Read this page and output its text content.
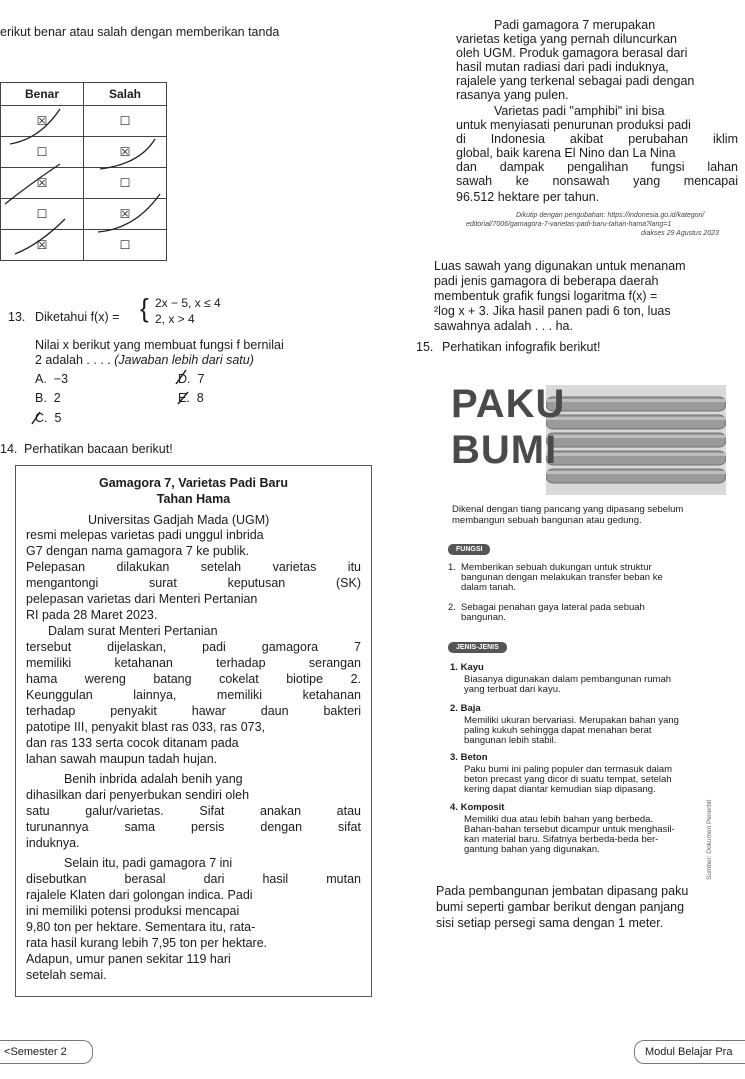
erikut benar atau salah dengan memberikan tanda
Benar	Salah
☒	☐
☐	☒
☒	☐
☐	☒
☒	☐
13. Diketahui f(x) = { 2x − 5, x ≤ 4
2, x > 4
Nilai x berikut yang membuat fungsi f bernilai
2 adalah . . . . (Jawaban lebih dari satu)
A. −3
B. 2
C. 5
D. 7
E. 8
14. Perhatikan bacaan berikut!
Gamagora 7, Varietas Padi Baru
Tahan Hama
Universitas Gadjah Mada (UGM)
resmi melepas varietas padi unggul inbrida
G7 dengan nama gamagora 7 ke publik.
Pelepasan dilakukan setelah varietas itu
mengantongi surat keputusan (SK)
pelepasan varietas dari Menteri Pertanian
RI pada 28 Maret 2023.
Dalam surat Menteri Pertanian
tersebut dijelaskan, padi gamagora 7
memiliki ketahanan terhadap serangan
hama wereng batang cokelat biotipe 2.
Keunggulan lainnya, memiliki ketahanan
terhadap penyakit hawar daun bakteri
patotipe III, penyakit blast ras 033, ras 073,
dan ras 133 serta cocok ditanam pada
lahan sawah maupun tadah hujan.
Benih inbrida adalah benih yang
dihasilkan dari penyerbukan sendiri oleh
satu galur/varietas. Sifat anakan atau
turunannya sama persis dengan sifat
induknya.
Selain itu, padi gamagora 7 ini
disebutkan berasal dari hasil mutan
rajalele Klaten dari golongan indica. Padi
ini memiliki potensi produksi mencapai
9,80 ton per hektare. Sementara itu, rata-
rata hasil kurang lebih 7,95 ton per hektare.
Adapun, umur panen sekitar 119 hari
setelah semai.
<Semester 2
Padi gamagora 7 merupakan
varietas ketiga yang pernah diluncurkan
oleh UGM. Produk gamagora berasal dari
hasil mutan radiasi dari padi induknya,
rajalele yang terkenal sebagai padi dengan
rasanya yang pulen.
Varietas padi "amphibi" ini bisa
untuk menyiasati penurunan produksi padi
di Indonesia akibat perubahan iklim
global, baik karena El Nino dan La Nina
dan dampak pengalihan fungsi lahan
sawah ke nonsawah yang mencapai
96.512 hektare per tahun.
Dikutip dengan pengubahan: https://indonesia.go.id/kategori/
editorial/7006/gamagora-7-varietas-padi-baru-tahan-hama?lang=1
diakses 29 Agustus 2023
Luas sawah yang digunakan untuk menanam
padi jenis gamagora di beberapa daerah
membentuk grafik fungsi logaritma f(x) =
²log x + 3. Jika hasil panen padi 6 ton, luas
sawahnya adalah . . . ha.
15. Perhatikan infografik berikut!
PAKU
BUMI
Dikenal dengan tiang pancang yang dipasang sebelum
membangun sebuah bangunan atau gedung.
FUNGSI
1. Memberikan sebuah dukungan untuk struktur
bangunan dengan melakukan transfer beban ke
dalam tanah.
2. Sebagai penahan gaya lateral pada sebuah
bangunan.
JENIS-JENIS
1. Kayu
Biasanya digunakan dalam pembangunan rumah
yang terbuat dari kayu.
2. Baja
Memiliki ukuran bervariasi. Merupakan bahan yang
paling kukuh sehingga dapat menahan berat
bangunan lebih stabil.
3. Beton
Paku bumi ini paling populer dan termasuk dalam
beton precast yang dicor di suatu tempat, setelah
kering dapat diantar kemudian siap dipasang.
4. Komposit
Memiliki dua atau lebih bahan yang berbeda.
Bahan-bahan tersebut dicampur untuk menghasil-
kan material baru. Sifatnya berbeda-beda ber-
gantung bahan yang digunakan.	Sumber: Dokumen Penerbit
Pada pembangunan jembatan dipasang paku
bumi seperti gambar berikut dengan panjang
sisi setiap persegi sama dengan 1 meter.
Modul Belajar Pra
